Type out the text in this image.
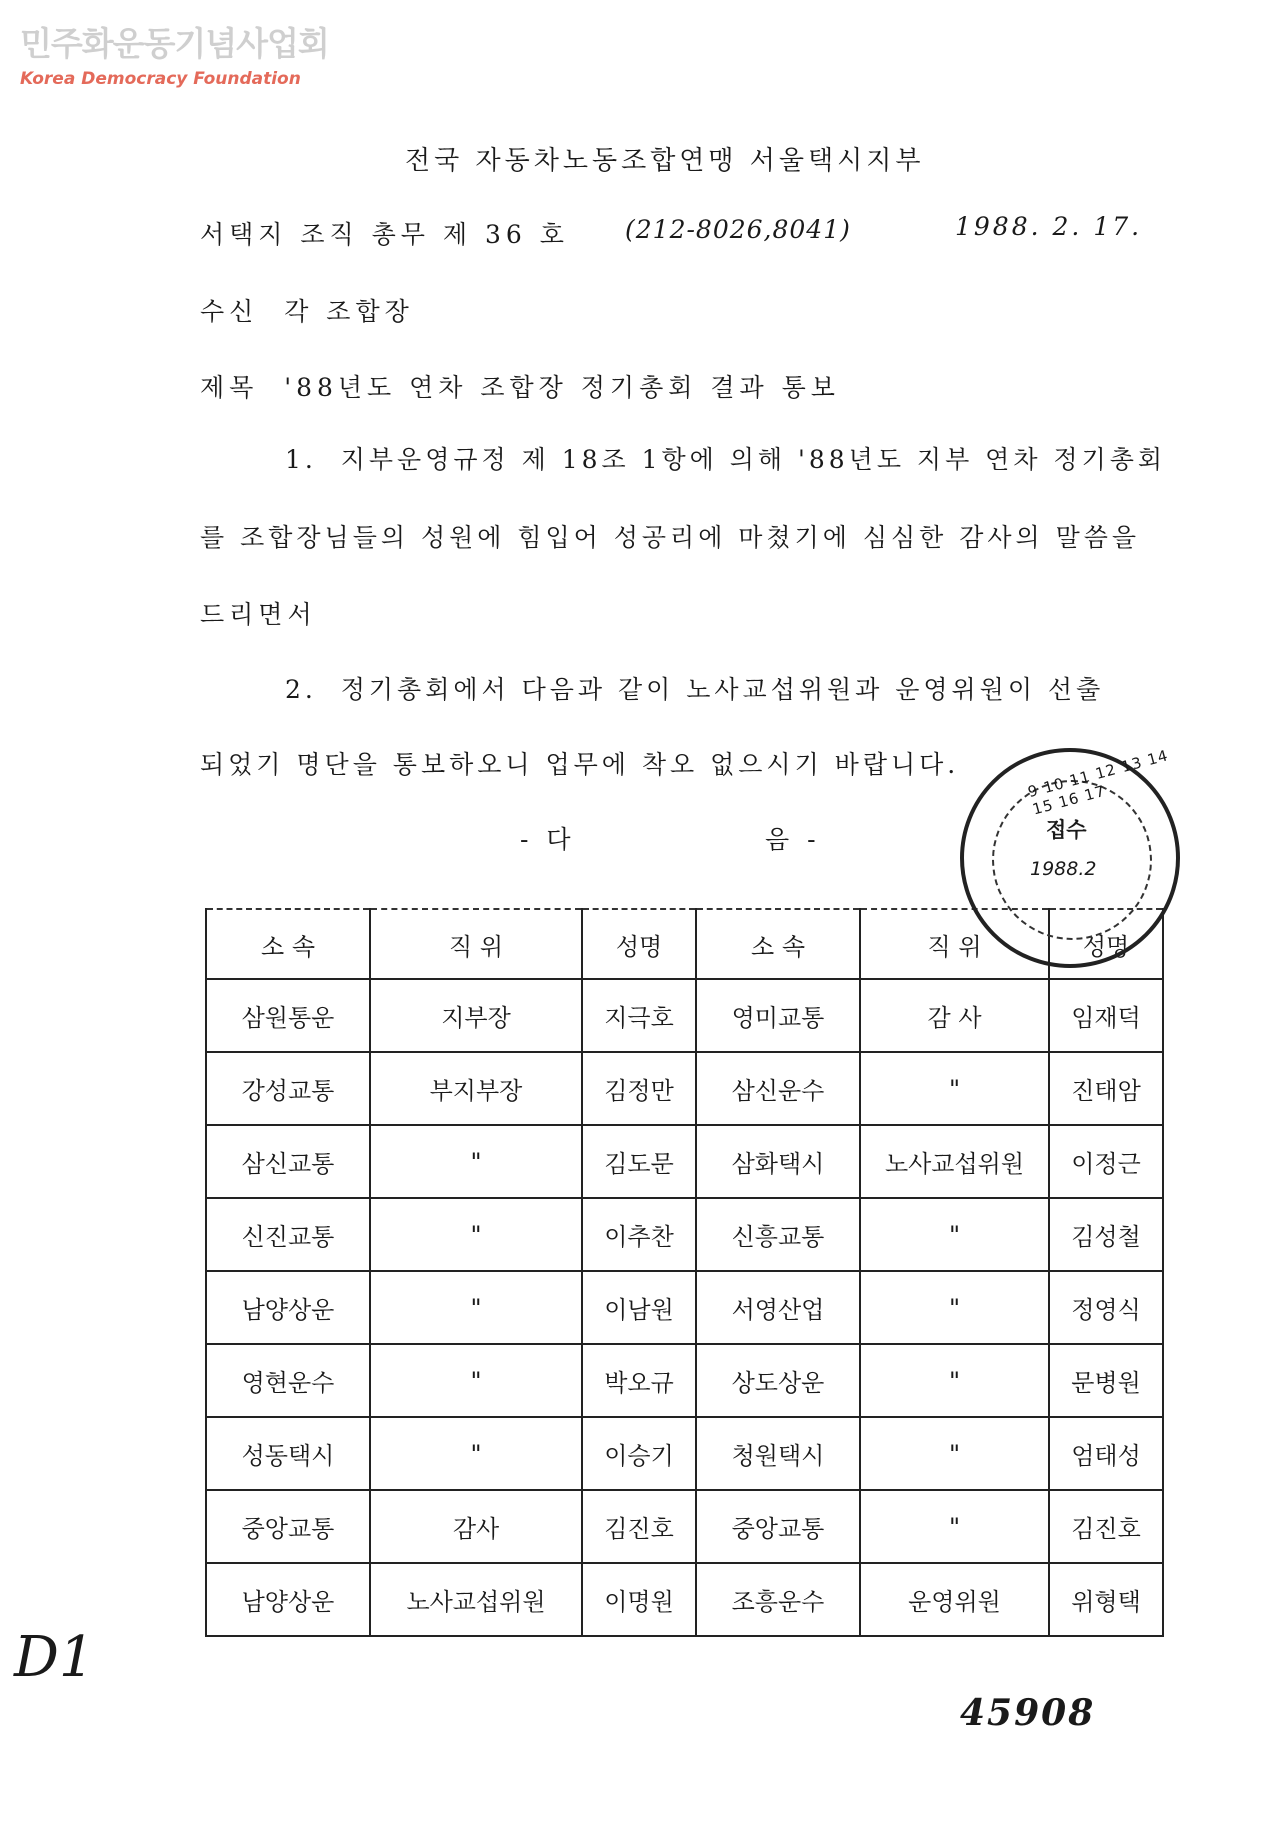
민주화운동기념사업회
Korea Democracy Foundation
전국 자동차노동조합연맹 서울택시지부
서택지 조직 총무 제 36 호 (212-8026,8041)	1988. 2. 17.
수신  각 조합장
제목  '88년도 연차 조합장 정기총회 결과 통보
1.  지부운영규정 제 18조 1항에 의해 '88년도 지부 연차 정기총회
를 조합장님들의 성원에 힘입어 성공리에 마쳤기에 심심한 감사의 말씀을
드리면서
2.  정기총회에서 다음과 같이 노사교섭위원과 운영위원이 선출
되었기 명단을 통보하오니 업무에 착오 없으시기 바랍니다.
- 다	음 -
소 속	직 위	성명	소 속	직 위	성명
삼원통운	지부장	지극호	영미교통	감 사	임재덕
강성교통	부지부장	김정만	삼신운수	"	진태암
삼신교통	"	김도문	삼화택시	노사교섭위원	이정근
신진교통	"	이추찬	신흥교통	"	김성철
남양상운	"	이남원	서영산업	"	정영식
영현운수	"	박오규	상도상운	"	문병원
성동택시	"	이승기	청원택시	"	엄태성
중앙교통	감사	김진호	중앙교통	"	김진호
남양상운	노사교섭위원	이명원	조흥운수	운영위원	위형택
9 10 11 12 13 14 15 16 17
접수
1988.2
D1
45908
